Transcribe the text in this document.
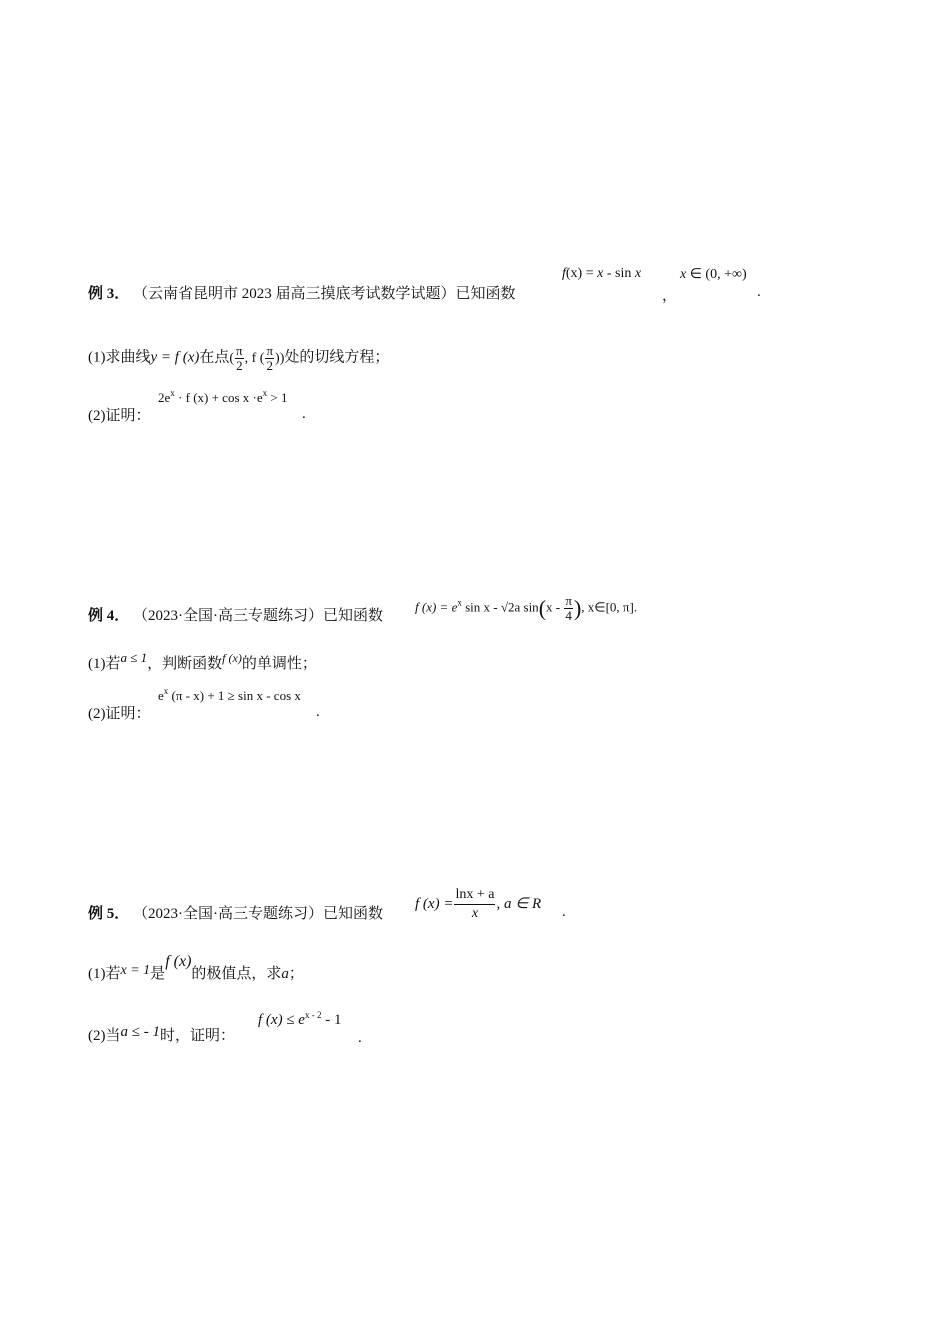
例 3． （云南省昆明市 2023 届高三摸底考试数学试题）已知函数
f(x) = x - sin x
，
x ∈ (0, +∞)
.
(1)求曲线y = f (x)在点( $\frac{\pi}{2}$ , f ( $\frac{\pi}{2}$ ))处的切线方程；
(2)证明：
$2e^x \cdot f$ $(x) + \cos x \cdot e^x > 1$
.
例 4． （2023·全国·高三专题练习）已知函数
f $(x) = e^x$ sin x - √2a $\sin(x - \frac{\pi}{4}$ ), x∈[0, π].
(1)若a ≤ 1，判断函数$^{f (x)}$的单调性；
(2)证明：
$e^x$ (π - x) + 1 ≥ sin x - cos x
.
例 5． （2023·全国·高三专题练习）已知函数
f $(x) = \frac{\ln x + a}{x}$ , a ∈ R
.
(1)若x = 1是f (x)的极值点，求a；
(2)当a ≤ - 1时，证明：
f $(x) \le e^{x - 2} - 1$
.
